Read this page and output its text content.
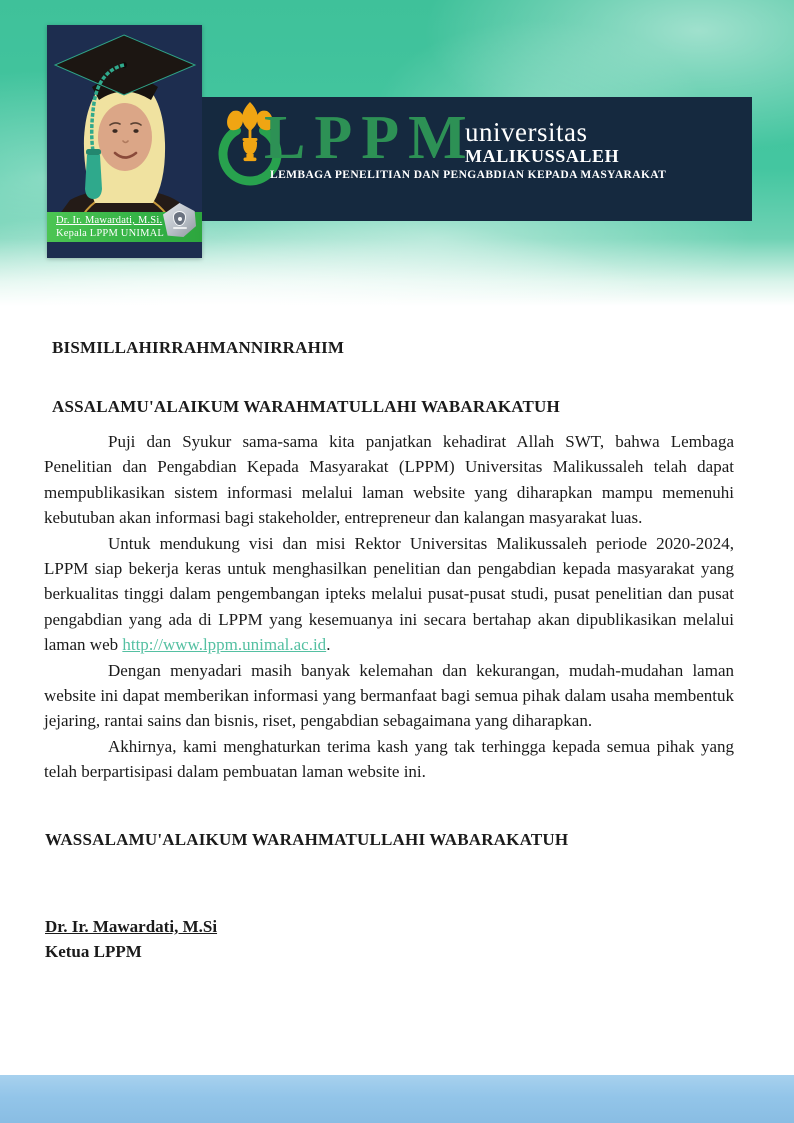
Dr. Ir. Mawardati, M.Si.
Kepala LPPM UNIMAL
LPPM
universitas
MALIKUSSALEH
LEMBAGA PENELITIAN DAN PENGABDIAN KEPADA MASYARAKAT
BISMILLAHIRRAHMANNIRRAHIM
ASSALAMU'ALAIKUM WARAHMATULLAHI WABARAKATUH

Puji dan Syukur sama-sama kita panjatkan kehadirat Allah SWT, bahwa Lembaga Penelitian dan Pengabdian Kepada Masyarakat (LPPM) Universitas Malikussaleh telah dapat mempublikasikan sistem informasi melalui laman website yang diharapkan mampu memenuhi kebutuban akan informasi bagi stakeholder, entrepreneur dan kalangan masyarakat luas.

Untuk mendukung visi dan misi Rektor Universitas Malikussaleh periode 2020-2024, LPPM siap bekerja keras untuk menghasilkan penelitian dan pengabdian kepada masyarakat yang berkualitas tinggi dalam pengembangan ipteks melalui pusat-pusat studi, pusat penelitian dan pusat pengabdian yang ada di LPPM yang kesemuanya ini secara bertahap akan dipublikasikan melalui laman web http://www.lppm.unimal.ac.id.

Dengan menyadari masih banyak kelemahan dan kekurangan, mudah-mudahan laman website ini dapat memberikan informasi yang bermanfaat bagi semua pihak dalam usaha membentuk jejaring, rantai sains dan bisnis, riset, pengabdian sebagaimana yang diharapkan.

Akhirnya, kami menghaturkan terima kash yang tak terhingga kepada semua pihak yang telah berpartisipasi dalam pembuatan laman website ini.

WASSALAMU'ALAIKUM WARAHMATULLAHI WABARAKATUH
Dr. Ir. Mawardati, M.Si
Ketua LPPM
